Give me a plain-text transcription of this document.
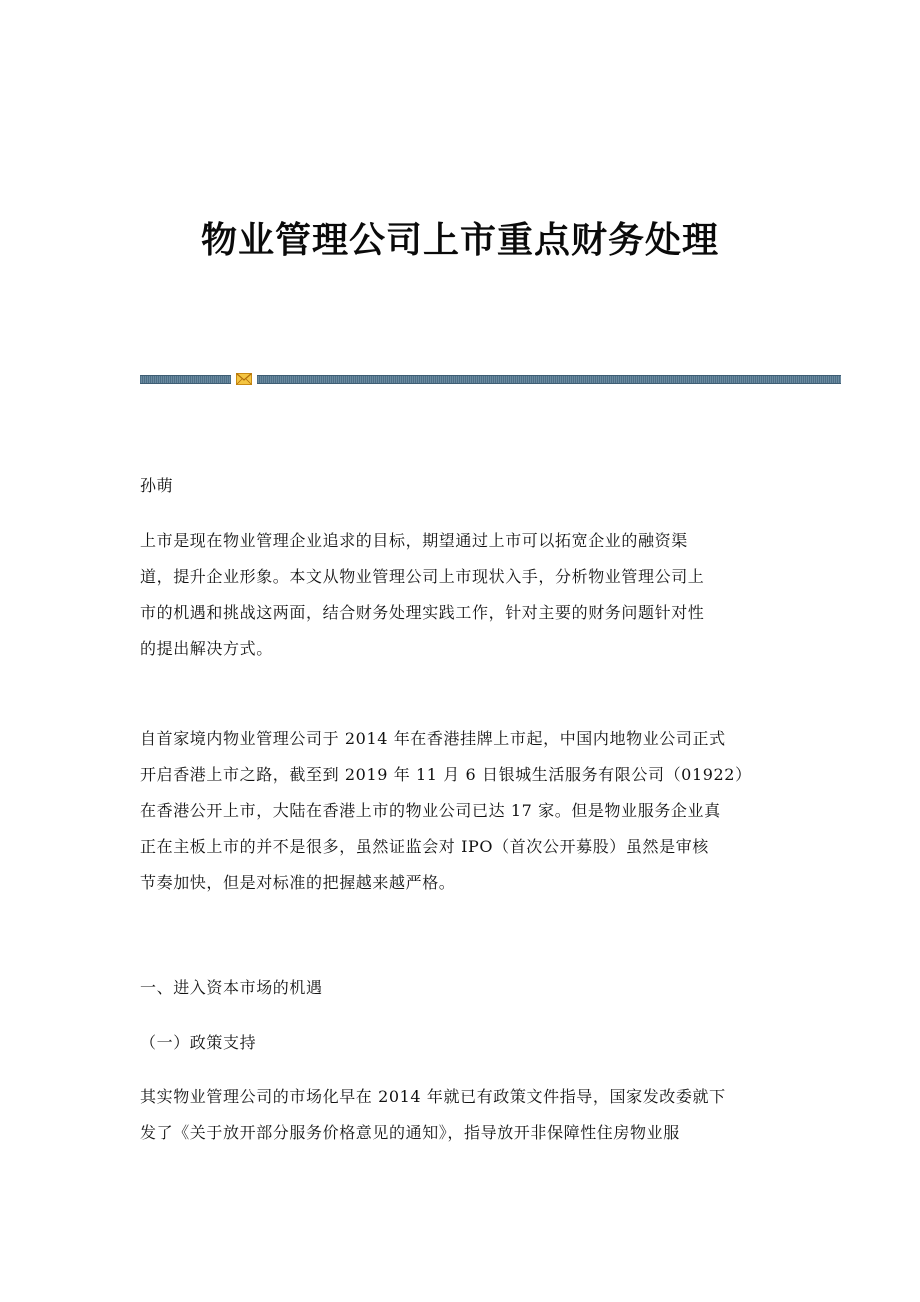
物业管理公司上市重点财务处理

孙萌

上市是现在物业管理企业追求的目标，期望通过上市可以拓宽企业的融资渠
道，提升企业形象。本文从物业管理公司上市现状入手，分析物业管理公司上
市的机遇和挑战这两面，结合财务处理实践工作，针对主要的财务问题针对性
的提出解决方式。

自首家境内物业管理公司于 2014 年在香港挂牌上市起，中国内地物业公司正式
开启香港上市之路，截至到 2019 年 11 月 6 日银城生活服务有限公司（01922）
在香港公开上市，大陆在香港上市的物业公司已达 17 家。但是物业服务企业真
正在主板上市的并不是很多，虽然证监会对 IPO（首次公开募股）虽然是审核
节奏加快，但是对标准的把握越来越严格。

一、进入资本市场的机遇

（一）政策支持

其实物业管理公司的市场化早在 2014 年就已有政策文件指导，国家发改委就下
发了《关于放开部分服务价格意见的通知》，指导放开非保障性住房物业服
